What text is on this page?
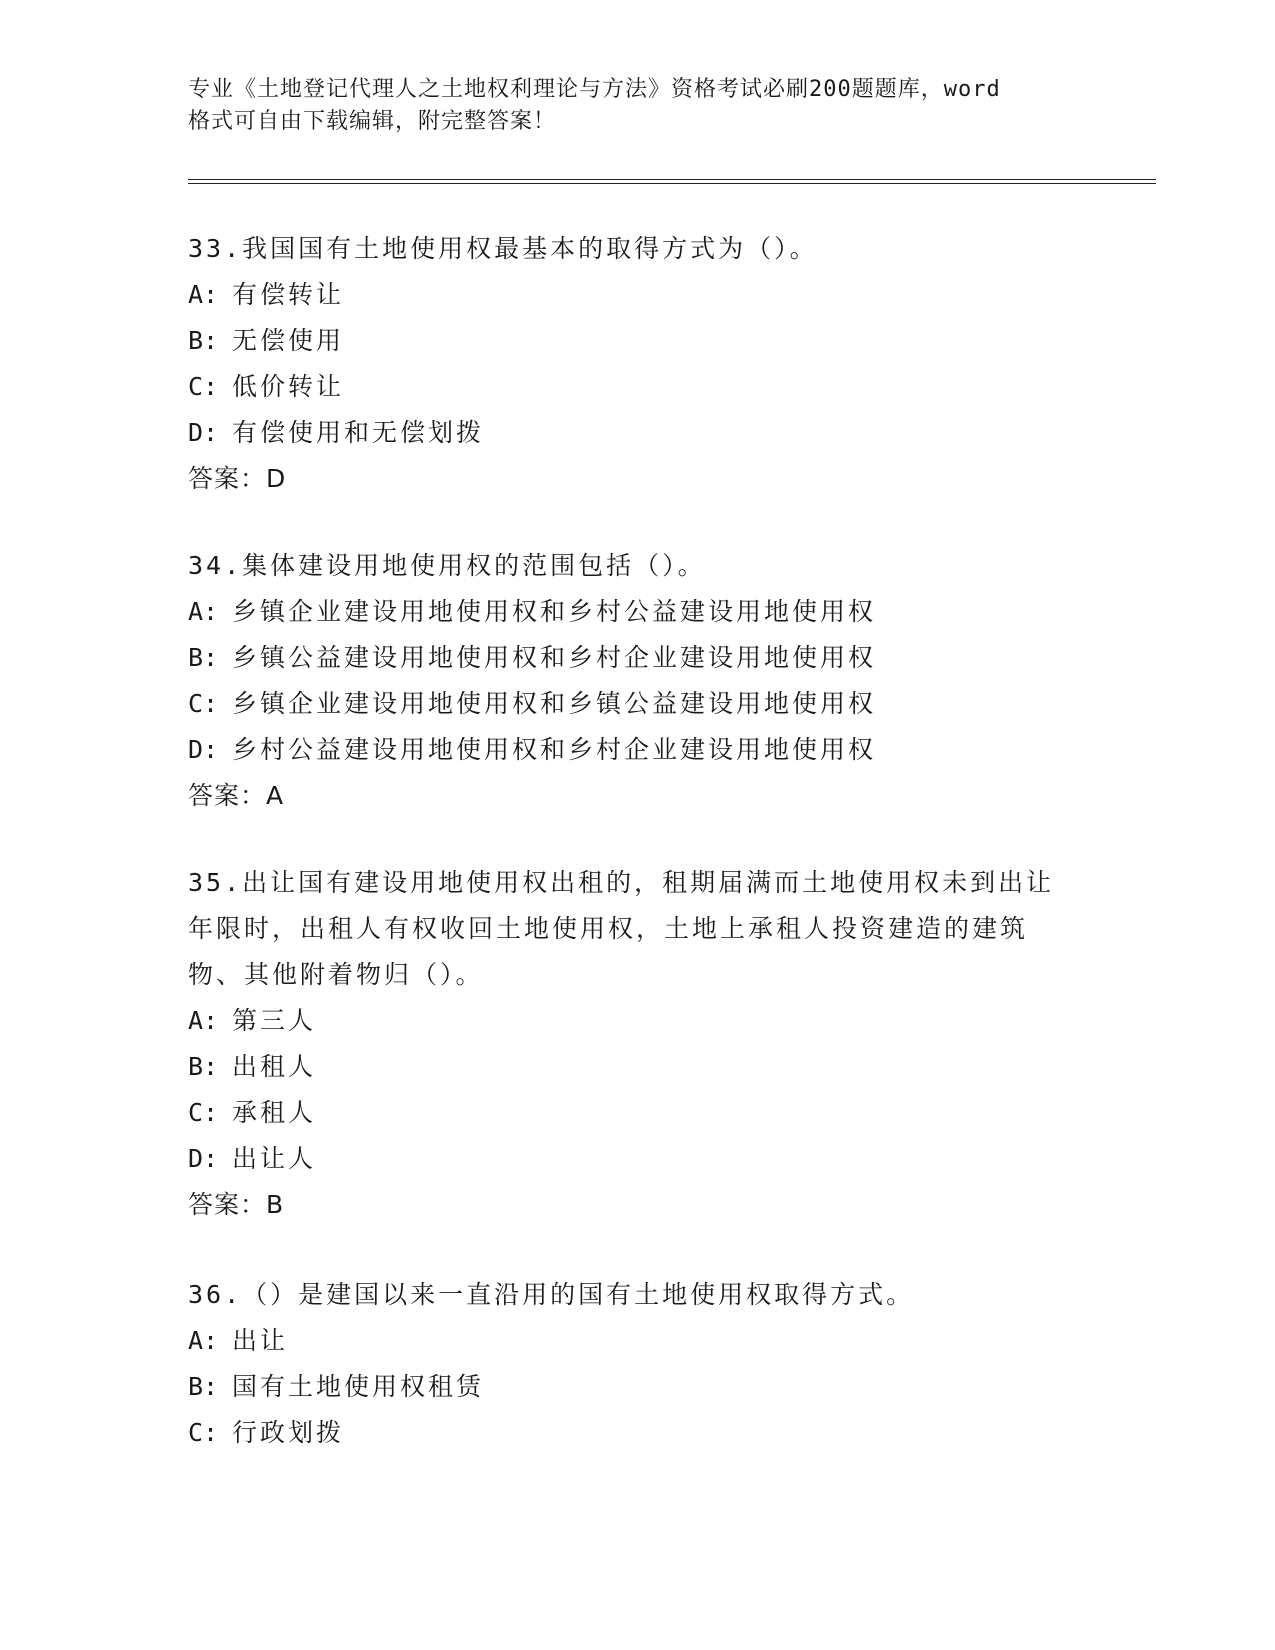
专业《土地登记代理人之土地权利理论与方法》资格考试必刷200题题库，word
格式可自由下载编辑，附完整答案！
33.我国国有土地使用权最基本的取得方式为（）。
A: 有偿转让
B: 无偿使用
C: 低价转让
D: 有偿使用和无偿划拨
答案：D
34.集体建设用地使用权的范围包括（）。
A: 乡镇企业建设用地使用权和乡村公益建设用地使用权
B: 乡镇公益建设用地使用权和乡村企业建设用地使用权
C: 乡镇企业建设用地使用权和乡镇公益建设用地使用权
D: 乡村公益建设用地使用权和乡村企业建设用地使用权
答案：A
35.出让国有建设用地使用权出租的，租期届满而土地使用权未到出让
年限时，出租人有权收回土地使用权，土地上承租人投资建造的建筑
物、其他附着物归（）。
A: 第三人
B: 出租人
C: 承租人
D: 出让人
答案：B
36.（）是建国以来一直沿用的国有土地使用权取得方式。
A: 出让
B: 国有土地使用权租赁
C: 行政划拨
